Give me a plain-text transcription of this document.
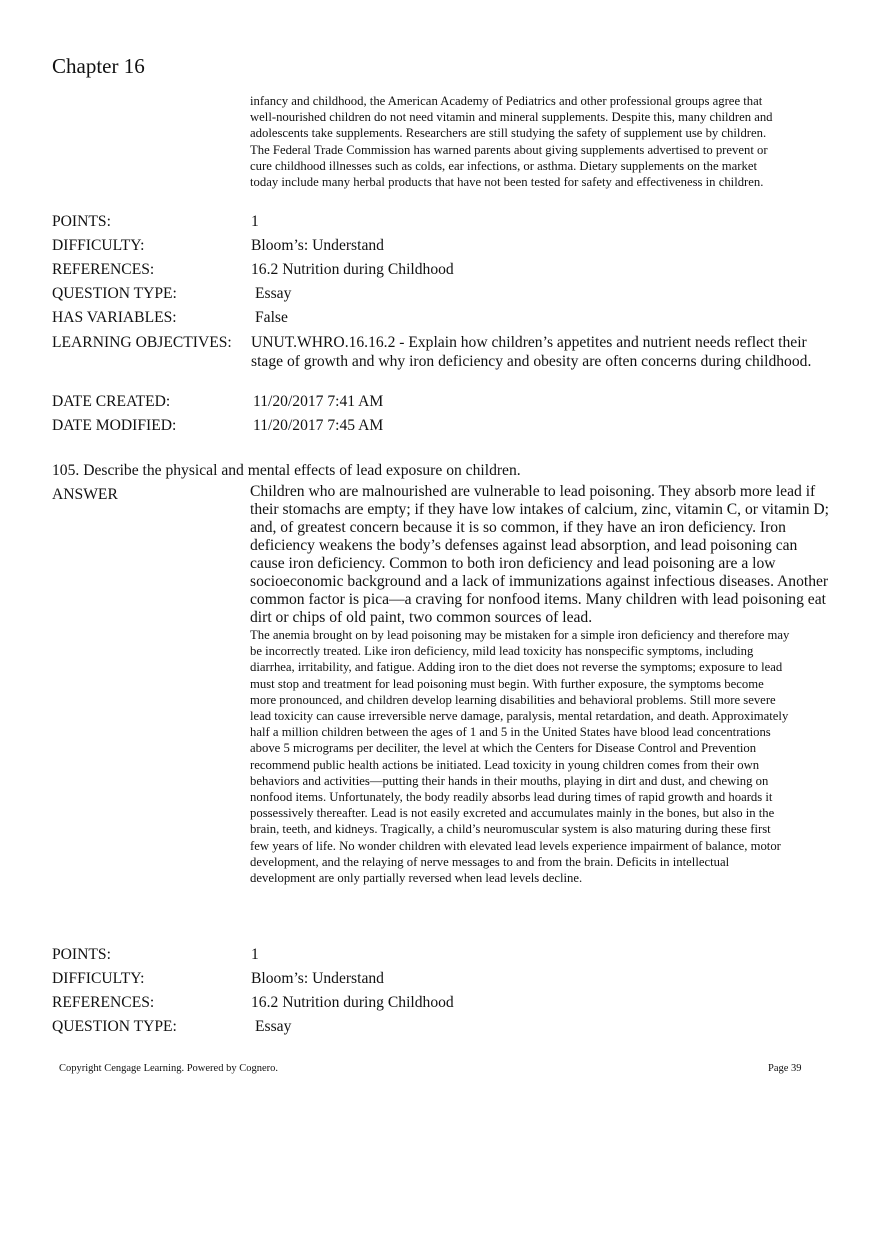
Chapter 16
infancy and childhood, the American Academy of Pediatrics and other professional groups agree that well-nourished children do not need vitamin and mineral supplements. Despite this, many children and adolescents take supplements. Researchers are still studying the safety of supplement use by children. The Federal Trade Commission has warned parents about giving supplements advertised to prevent or cure childhood illnesses such as colds, ear infections, or asthma. Dietary supplements on the market today include many herbal products that have not been tested for safety and effectiveness in children.
POINTS:	1
DIFFICULTY:	Bloom’s: Understand
REFERENCES:	16.2 Nutrition during Childhood
QUESTION TYPE:	Essay
HAS VARIABLES:	False
LEARNING OBJECTIVES:	UNUT.WHRO.16.16.2 - Explain how children’s appetites and nutrient needs reflect their stage of growth and why iron deficiency and obesity are often concerns during childhood.
DATE CREATED:	11/20/2017 7:41 AM
DATE MODIFIED:	11/20/2017 7:45 AM
105. Describe the physical and mental effects of lead exposure on children.
ANSWER	Children who are malnourished are vulnerable to lead poisoning. They absorb more lead if their stomachs are empty; if they have low intakes of calcium, zinc, vitamin C, or vitamin D; and, of greatest concern because it is so common, if they have an iron deficiency. Iron deficiency weakens the body’s defenses against lead absorption, and lead poisoning can cause iron deficiency. Common to both iron deficiency and lead poisoning are a low socioeconomic background and a lack of immunizations against infectious diseases. Another common factor is pica—a craving for nonfood items. Many children with lead poisoning eat dirt or chips of old paint, two common sources of lead.

The anemia brought on by lead poisoning may be mistaken for a simple iron deficiency and therefore may be incorrectly treated. Like iron deficiency, mild lead toxicity has nonspecific symptoms, including diarrhea, irritability, and fatigue. Adding iron to the diet does not reverse the symptoms; exposure to lead must stop and treatment for lead poisoning must begin. With further exposure, the symptoms become more pronounced, and children develop learning disabilities and behavioral problems. Still more severe lead toxicity can cause irreversible nerve damage, paralysis, mental retardation, and death. Approximately half a million children between the ages of 1 and 5 in the United States have blood lead concentrations above 5 micrograms per deciliter, the level at which the Centers for Disease Control and Prevention recommend public health actions be initiated. Lead toxicity in young children comes from their own behaviors and activities—putting their hands in their mouths, playing in dirt and dust, and chewing on nonfood items. Unfortunately, the body readily absorbs lead during times of rapid growth and hoards it possessively thereafter. Lead is not easily excreted and accumulates mainly in the bones, but also in the brain, teeth, and kidneys. Tragically, a child’s neuromuscular system is also maturing during these first few years of life. No wonder children with elevated lead levels experience impairment of balance, motor development, and the relaying of nerve messages to and from the brain. Deficits in intellectual development are only partially reversed when lead levels decline.

POINTS:	1
DIFFICULTY:	Bloom’s: Understand
REFERENCES:	16.2 Nutrition during Childhood
QUESTION TYPE:	Essay
Copyright Cengage Learning. Powered by Cognero.	Page 39
